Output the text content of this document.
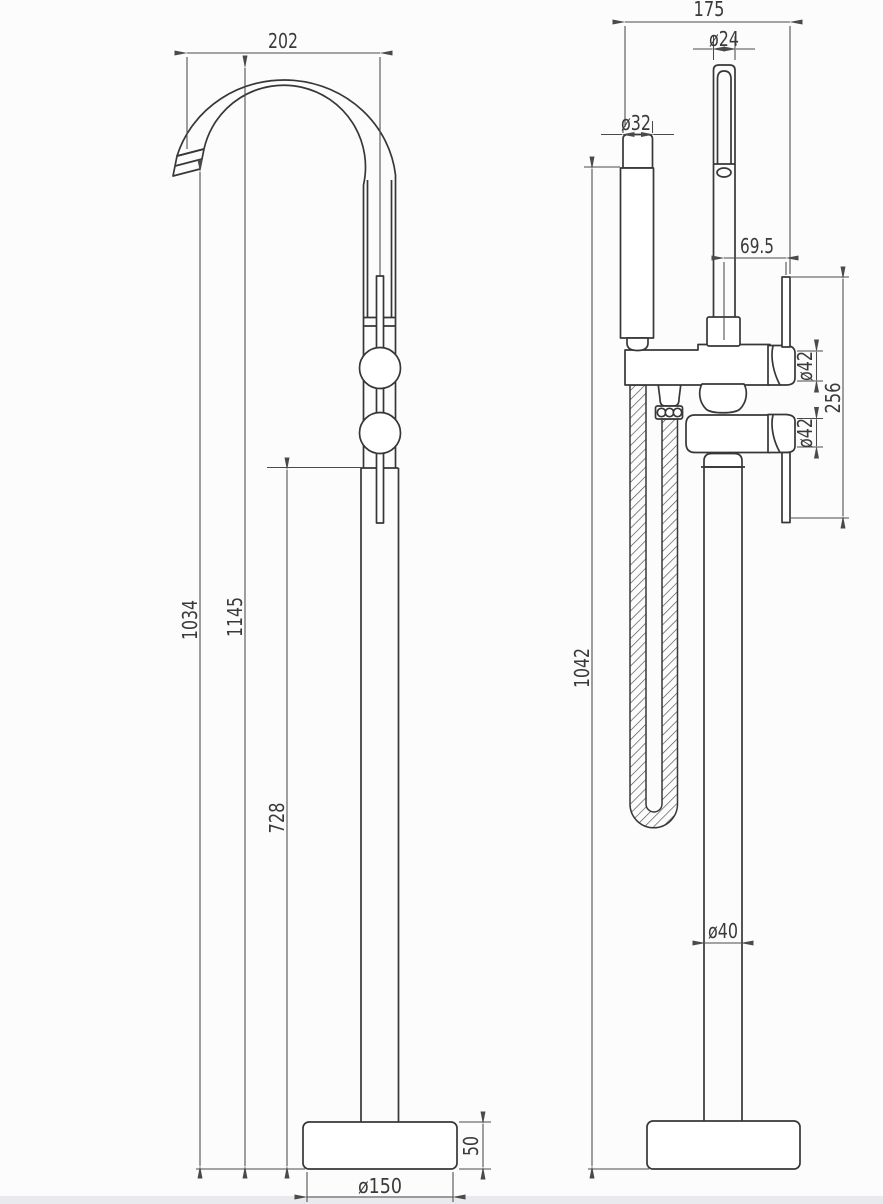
202
1034 1145
728
50
ø150
175
ø24
ø32
69.5
ø42
ø42
256
1042
ø40
